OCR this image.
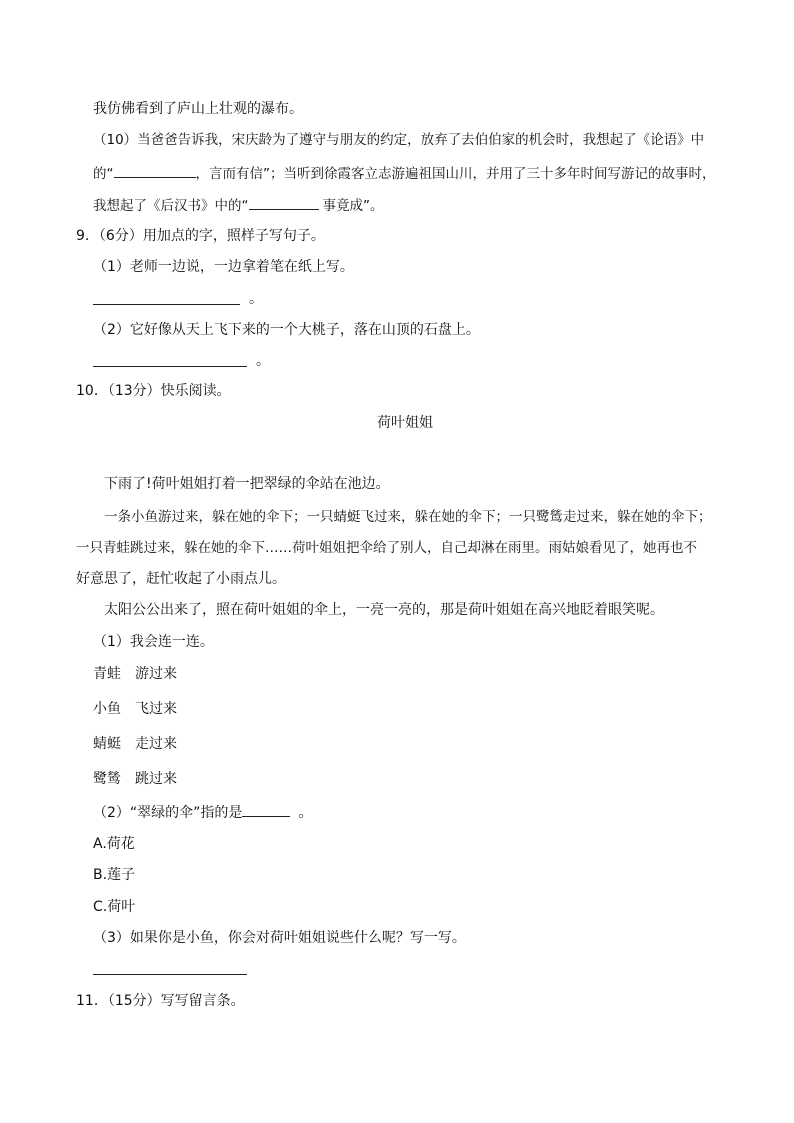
我仿佛看到了庐山上壮观的瀑布。
（10）当爸爸告诉我，宋庆龄为了遵守与朋友的约定，放弃了去伯伯家的机会时，我想起了《论语》中
的“	，言而有信”；当听到徐霞客立志游遍祖国山川，并用了三十多年时间写游记的故事时，
我想起了《后汉书》中的“	事竟成”。
9．（6分）用加点的字，照样子写句子。
（1）老师一边说，一边拿着笔在纸上写。
。
（2）它好像从天上飞下来的一个大桃子，落在山顶的石盘上。
。
10．（13分）快乐阅读。
荷叶姐姐
下雨了!荷叶姐姐打着一把翠绿的伞站在池边。
一条小鱼游过来，躲在她的伞下；一只蜻蜓飞过来，躲在她的伞下；一只鹭鸶走过来，躲在她的伞下；
一只青蛙跳过来，躲在她的伞下……荷叶姐姐把伞给了别人，自己却淋在雨里。雨姑娘看见了，她再也不
好意思了，赶忙收起了小雨点儿。
太阳公公出来了，照在荷叶姐姐的伞上，一亮一亮的，那是荷叶姐姐在高兴地眨着眼笑呢。
（1）我会连一连。
青蛙 游过来
小鱼 飞过来
蜻蜓 走过来
鹭鸶 跳过来
（2）“翠绿的伞”指的是	。
A.荷花
B.莲子
C.荷叶
（3）如果你是小鱼，你会对荷叶姐姐说些什么呢？写一写。
11．（15分）写写留言条。
